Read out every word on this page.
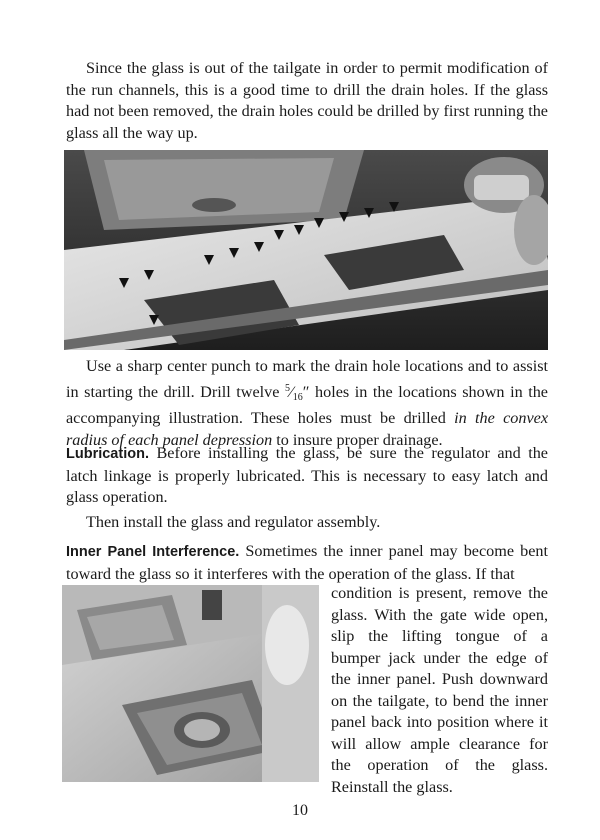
Since the glass is out of the tailgate in order to permit modification of the run channels, this is a good time to drill the drain holes. If the glass had not been removed, the drain holes could be drilled by first running the glass all the way up.

Use a sharp center punch to mark the drain hole locations and to assist in starting the drill. Drill twelve $^5⁄_{16}''$ holes in the locations shown in the accompanying illustration. These holes must be drilled in the convex radius of each panel depression to insure proper drainage.

Lubrication. Before installing the glass, be sure the regulator and the latch linkage is properly lubricated. This is necessary to easy latch and glass operation.

Then install the glass and regulator assembly.

Inner Panel Interference. Sometimes the inner panel may become bent toward the glass so it interferes with the operation of the glass. If that

condition is present, remove the glass. With the gate wide open, slip the lifting tongue of a bumper jack under the edge of the inner panel. Push downward on the tailgate, to bend the inner panel back into position where it will allow ample clearance for the operation of the glass. Reinstall the glass.

10
